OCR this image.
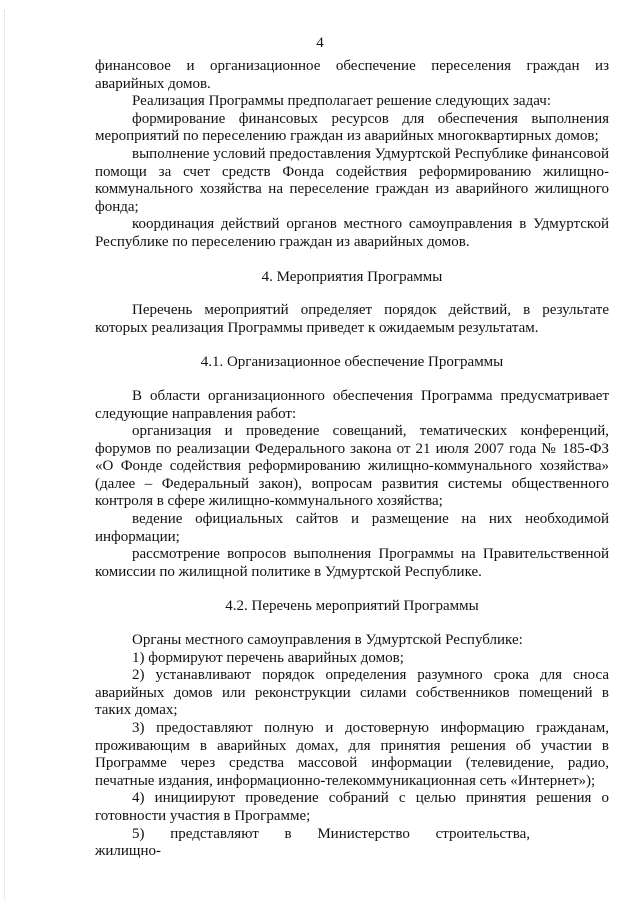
4

финансовое и организационное обеспечение переселения граждан из аварийных домов.

Реализация Программы предполагает решение следующих задач:

формирование финансовых ресурсов для обеспечения выполнения мероприятий по переселению граждан из аварийных многоквартирных домов;

выполнение условий предоставления Удмуртской Республике финансовой помощи за счет средств Фонда содействия реформированию жилищно-коммунального хозяйства на переселение граждан из аварийного жилищного фонда;

координация действий органов местного самоуправления в Удмуртской Республике по переселению граждан из аварийных домов.

4. Мероприятия Программы

Перечень мероприятий определяет порядок действий, в результате которых реализация Программы приведет к ожидаемым результатам.

4.1. Организационное обеспечение Программы

В области организационного обеспечения Программа предусматривает следующие направления работ:

организация и проведение совещаний, тематических конференций, форумов по реализации Федерального закона от 21 июля 2007 года № 185-ФЗ «О Фонде содействия реформированию жилищно-коммунального хозяйства» (далее – Федеральный закон), вопросам развития системы общественного контроля в сфере жилищно-коммунального хозяйства;

ведение официальных сайтов и размещение на них необходимой информации;

рассмотрение вопросов выполнения Программы на Правительственной комиссии по жилищной политике в Удмуртской Республике.

4.2. Перечень мероприятий Программы

Органы местного самоуправления в Удмуртской Республике:

1) формируют перечень аварийных домов;

2) устанавливают порядок определения разумного срока для сноса аварийных домов или реконструкции силами собственников помещений в таких домах;

3) предоставляют полную и достоверную информацию гражданам, проживающим в аварийных домах, для принятия решения об участии в Программе через средства массовой информации (телевидение, радио, печатные издания, информационно-телекоммуникационная сеть «Интернет»);

4) инициируют проведение собраний с целью принятия решения о готовности участия в Программе;

5) представляют в Министерство строительства, жилищно-
